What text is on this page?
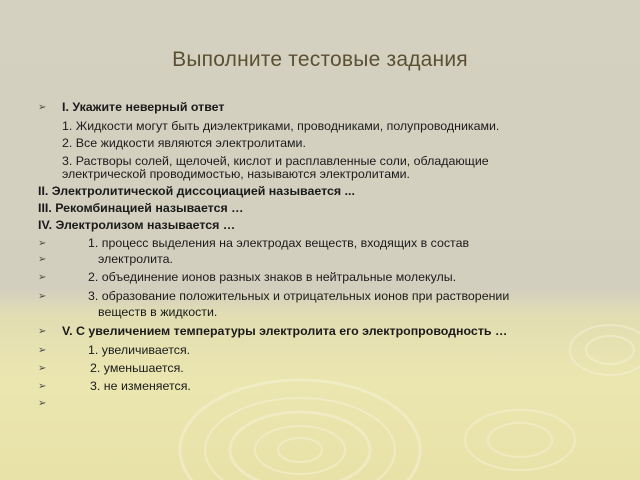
Выполните тестовые задания
➢
➢
➢
➢
➢
➢
➢
➢
➢
➢
I. Укажите неверный ответ
1. Жидкости могут быть диэлектриками, проводниками, полупроводниками.
2. Все жидкости являются электролитами.
3. Растворы солей, щелочей, кислот и расплавленные соли, обладающие
электрической проводимостью, называются электролитами.
II. Электролитической диссоциацией называется ...
III. Рекомбинацией называется …
IV. Электролизом называется …
1. процесс выделения на электродах веществ, входящих в состав
электролита.
2. объединение ионов разных знаков в нейтральные молекулы.
3. образование положительных и отрицательных ионов при растворении
веществ в жидкости.
V. С увеличением температуры электролита его электропроводность …
1. увеличивается.
2. уменьшается.
3. не изменяется.
